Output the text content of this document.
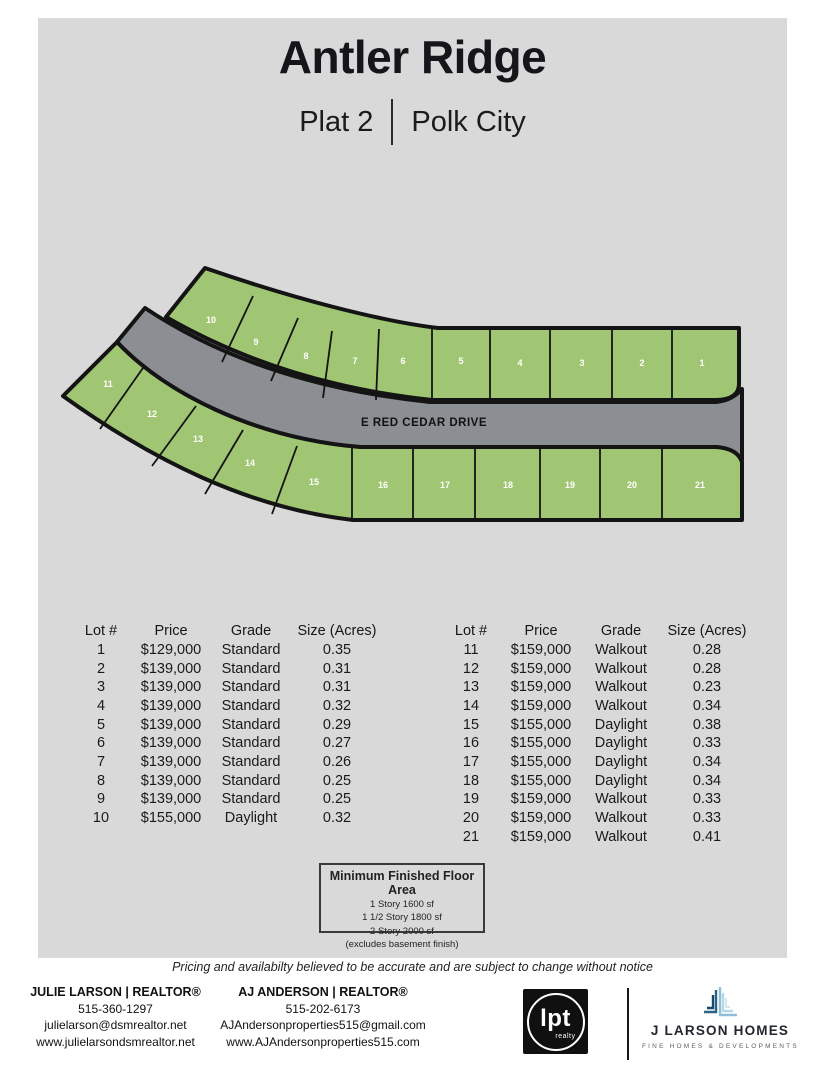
Antler Ridge
Plat 2 Polk City
1
2
3
4
5
6
7
8
9
10
11
12
13
14
15	16	17	18	19	20	21
E RED CEDAR DRIVE
Lot #	Price	Grade	Size (Acres)
1	$129,000	Standard	0.35
2	$139,000	Standard	0.31
3	$139,000	Standard	0.31
4	$139,000	Standard	0.32
5	$139,000	Standard	0.29
6	$139,000	Standard	0.27
7	$139,000	Standard	0.26
8	$139,000	Standard	0.25
9	$139,000	Standard	0.25
10	$155,000	Daylight	0.32
Lot #	Price	Grade	Size (Acres)
11	$159,000	Walkout	0.28
12	$159,000	Walkout	0.28
13	$159,000	Walkout	0.23
14	$159,000	Walkout	0.34
15	$155,000	Daylight	0.38
16	$155,000	Daylight	0.33
17	$155,000	Daylight	0.34
18	$155,000	Daylight	0.34
19	$159,000	Walkout	0.33
20	$159,000	Walkout	0.33
21	$159,000	Walkout	0.41
Minimum Finished Floor Area
1 Story 1600 sf
1 1/2 Story 1800 sf
2 Story 2000 sf
(excludes basement finish)
Pricing and availabilty believed to be accurate and are subject to change without notice
JULIE LARSON | REALTOR®
515-360-1297
julielarson@dsmrealtor.net
www.julielarsondsmrealtor.net
AJ ANDERSON | REALTOR®
515-202-6173
AJAndersonproperties515@gmail.com
www.AJAndersonproperties515.com
lpt
realty	J LARSON HOMES
FINE HOMES & DEVELOPMENTS
